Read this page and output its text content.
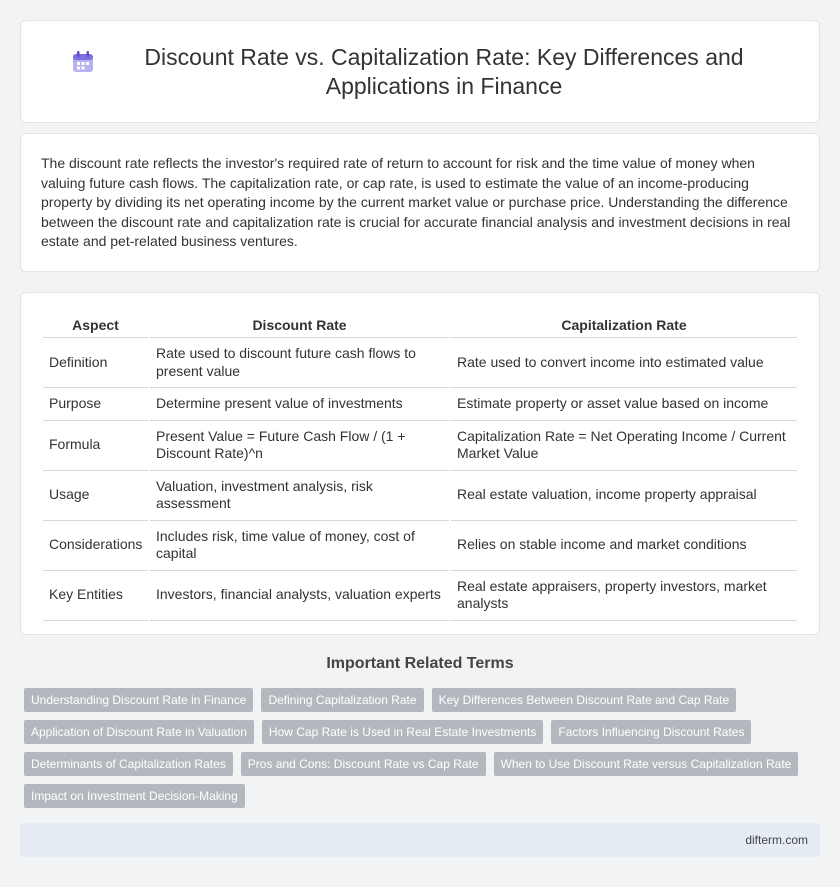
Discount Rate vs. Capitalization Rate: Key Differences and Applications in Finance

The discount rate reflects the investor's required rate of return to account for risk and the time value of money when valuing future cash flows. The capitalization rate, or cap rate, is used to estimate the value of an income-producing property by dividing its net operating income by the current market value or purchase price. Understanding the difference between the discount rate and capitalization rate is crucial for accurate financial analysis and investment decisions in real estate and pet-related business ventures.

Aspect	Discount Rate	Capitalization Rate
Definition	Rate used to discount future cash flows to present value	Rate used to convert income into estimated value
Purpose	Determine present value of investments	Estimate property or asset value based on income
Formula	Present Value = Future Cash Flow / (1 + Discount Rate)^n	Capitalization Rate = Net Operating Income / Current Market Value
Usage	Valuation, investment analysis, risk assessment	Real estate valuation, income property appraisal
Considerations	Includes risk, time value of money, cost of capital	Relies on stable income and market conditions
Key Entities	Investors, financial analysts, valuation experts	Real estate appraisers, property investors, market analysts
Important Related Terms
Understanding Discount Rate in Finance	Defining Capitalization Rate	Key Differences Between Discount Rate and Cap Rate
Application of Discount Rate in Valuation	How Cap Rate is Used in Real Estate Investments	Factors Influencing Discount Rates
Determinants of Capitalization Rates	Pros and Cons: Discount Rate vs Cap Rate	When to Use Discount Rate versus Capitalization Rate
Impact on Investment Decision-Making
difterm.com
